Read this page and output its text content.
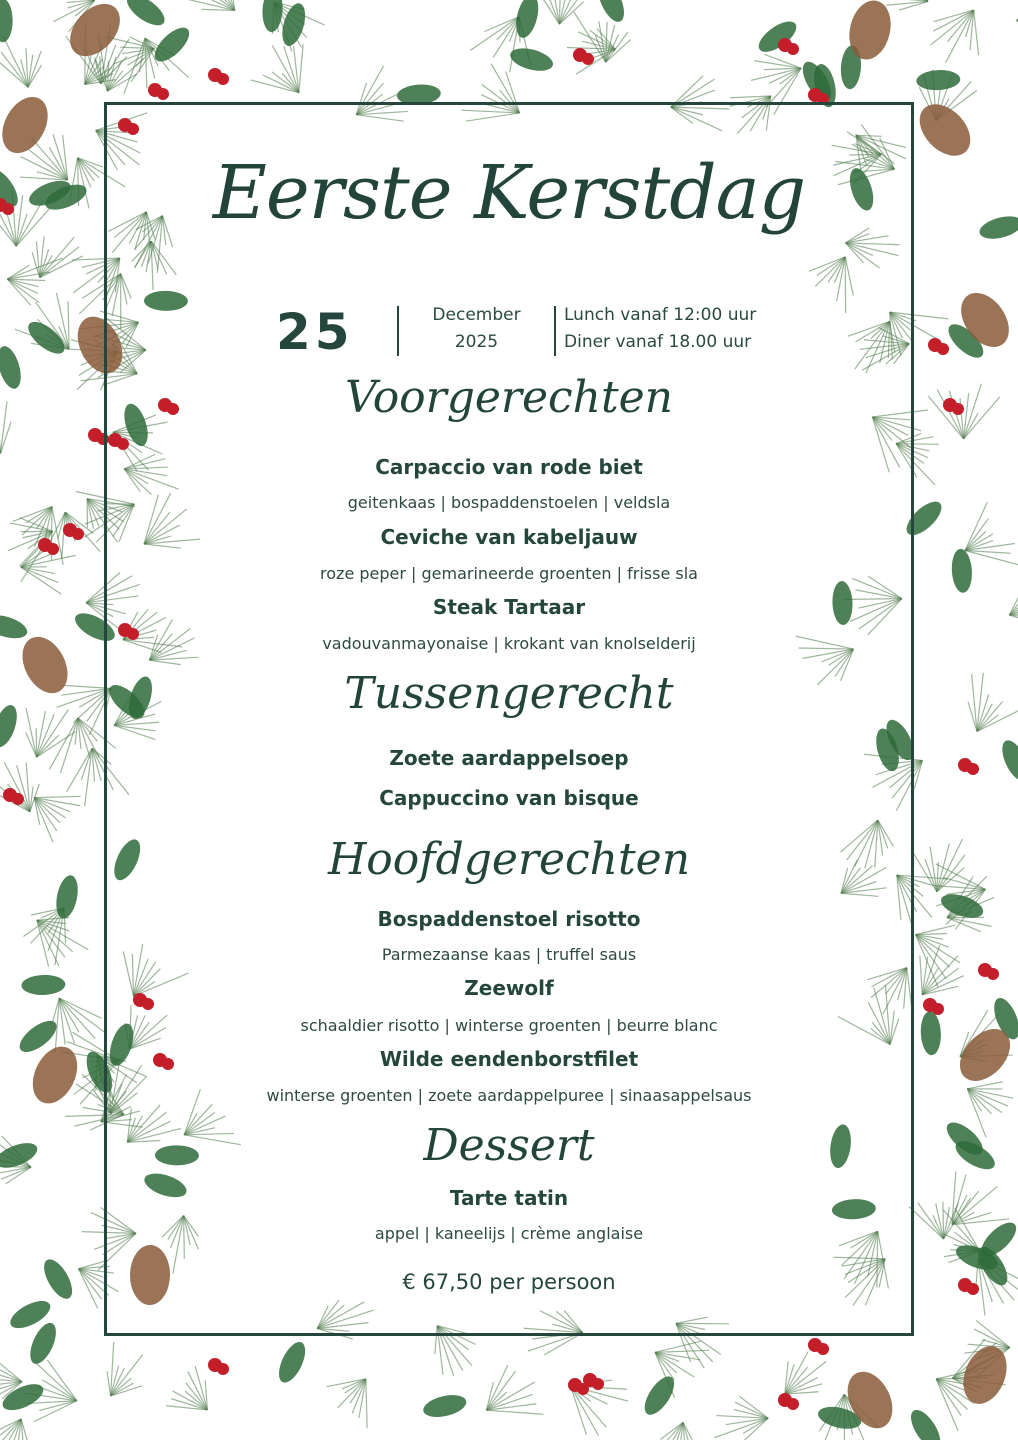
Eerste Kerstdag
25	December
2025
Lunch vanaf 12:00 uur
Diner vanaf 18.00 uur
Voorgerechten
Carpaccio van rode biet
geitenkaas | bospaddenstoelen | veldsla
Ceviche van kabeljauw
roze peper | gemarineerde groenten | frisse sla
Steak Tartaar
vadouvanmayonaise | krokant van knolselderij
Tussengerecht
Zoete aardappelsoep
Cappuccino van bisque
Hoofdgerechten
Bospaddenstoel risotto
Parmezaanse kaas | truffel saus
Zeewolf
schaaldier risotto | winterse groenten | beurre blanc
Wilde eendenborstfilet
winterse groenten | zoete aardappelpuree | sinaasappelsaus
Dessert
Tarte tatin
appel | kaneelijs | crème anglaise
€ 67,50 per persoon
